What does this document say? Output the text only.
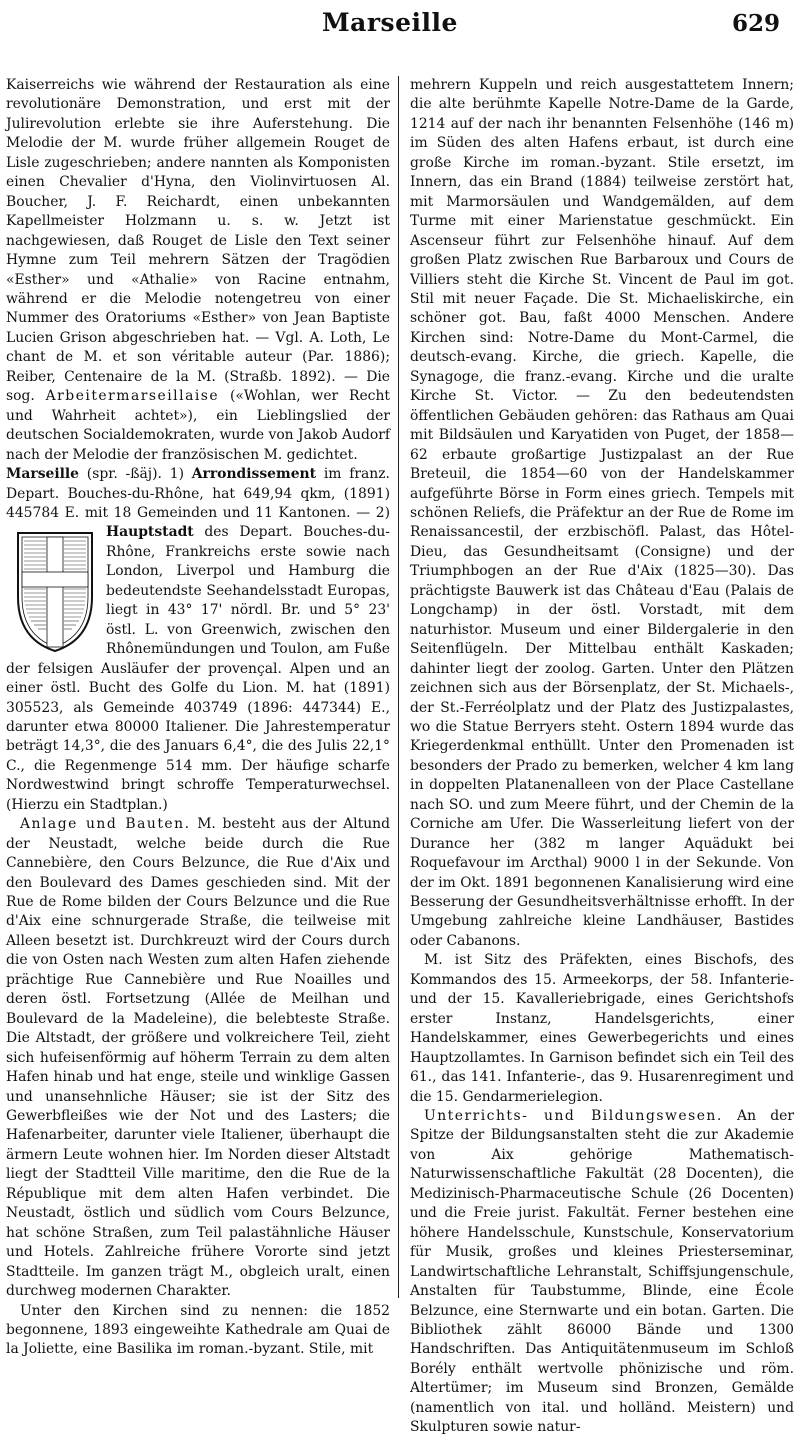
Marseille	629

Kaiserreichs wie während der Restauration als eine revolutionäre Demonstration, und erst mit der Julirevolution erlebte sie ihre Auferstehung. Die Melodie der M. wurde früher allgemein Rouget de Lisle zugeschrieben; andere nannten als Komponisten einen Chevalier d'Hyna, den Violinvirtuosen Al. Boucher, J. F. Reichardt, einen unbekannten Kapellmeister Holzmann u. s. w. Jetzt ist nachgewiesen, daß Rouget de Lisle den Text seiner Hymne zum Teil mehrern Sätzen der Tragödien «Esther» und «Athalie» von Racine entnahm, während er die Melodie notengetreu von einer Nummer des Oratoriums «Esther» von Jean Baptiste Lucien Grison abgeschrieben hat. — Vgl. A. Loth, Le chant de M. et son véritable auteur (Par. 1886); Reiber, Centenaire de la M. (Straßb. 1892). — Die sog. Arbeitermarseillaise («Wohlan, wer Recht und Wahrheit achtet»), ein Lieblingslied der deutschen Socialdemokraten, wurde von Jakob Audorf nach der Melodie der französischen M. gedichtet.

Marseille (spr. -ßäj). 1) Arrondissement im franz. Depart. Bouches-du-Rhône, hat 649,94 qkm, (1891) 445784 E. mit 18 Gemeinden und 11 Kantonen. — 2)
Hauptstadt des Depart. Bouches-du-Rhône, Frankreichs erste sowie nach London, Liverpol und Hamburg die bedeutendste Seehandelsstadt Europas, liegt in 43° 17' nördl. Br. und 5° 23' östl. L. von Greenwich, zwischen den Rhônemündungen und Toulon, am Fuße der felsigen Ausläufer der provençal. Alpen und an einer östl. Bucht des Golfe du Lion. M. hat (1891) 305523, als Gemeinde 403749 (1896: 447344) E., darunter etwa 80000 Italiener. Die Jahrestemperatur beträgt 14,3°, die des Januars 6,4°, die des Julis 22,1° C., die Regenmenge 514 mm. Der häufige scharfe Nordwestwind bringt schroffe Temperaturwechsel. (Hierzu ein Stadtplan.)

Anlage und Bauten. M. besteht aus der Altund der Neustadt, welche beide durch die Rue Cannebière, den Cours Belzunce, die Rue d'Aix und den Boulevard des Dames geschieden sind. Mit der Rue de Rome bilden der Cours Belzunce und die Rue d'Aix eine schnurgerade Straße, die teilweise mit Alleen besetzt ist. Durchkreuzt wird der Cours durch die von Osten nach Westen zum alten Hafen ziehende prächtige Rue Cannebière und Rue Noailles und deren östl. Fortsetzung (Allée de Meilhan und Boulevard de la Madeleine), die belebteste Straße. Die Altstadt, der größere und volkreichere Teil, zieht sich hufeisenförmig auf höherm Terrain zu dem alten Hafen hinab und hat enge, steile und winklige Gassen und unansehnliche Häuser; sie ist der Sitz des Gewerbfleißes wie der Not und des Lasters; die Hafenarbeiter, darunter viele Italiener, überhaupt die ärmern Leute wohnen hier. Im Norden dieser Altstadt liegt der Stadtteil Ville maritime, den die Rue de la République mit dem alten Hafen verbindet. Die Neustadt, östlich und südlich vom Cours Belzunce, hat schöne Straßen, zum Teil palastähnliche Häuser und Hotels. Zahlreiche frühere Vororte sind jetzt Stadtteile. Im ganzen trägt M., obgleich uralt, einen durchweg modernen Charakter.

Unter den Kirchen sind zu nennen: die 1852 begonnene, 1893 eingeweihte Kathedrale am Quai de la Joliette, eine Basilika im roman.-byzant. Stile, mit

mehrern Kuppeln und reich ausgestattetem Innern; die alte berühmte Kapelle Notre-Dame de la Garde, 1214 auf der nach ihr benannten Felsenhöhe (146 m) im Süden des alten Hafens erbaut, ist durch eine große Kirche im roman.-byzant. Stile ersetzt, im Innern, das ein Brand (1884) teilweise zerstört hat, mit Marmorsäulen und Wandgemälden, auf dem Turme mit einer Marienstatue geschmückt. Ein Ascenseur führt zur Felsenhöhe hinauf. Auf dem großen Platz zwischen Rue Barbaroux und Cours de Villiers steht die Kirche St. Vincent de Paul im got. Stil mit neuer Façade. Die St. Michaeliskirche, ein schöner got. Bau, faßt 4000 Menschen. Andere Kirchen sind: Notre-Dame du Mont-Carmel, die deutsch-evang. Kirche, die griech. Kapelle, die Synagoge, die franz.-evang. Kirche und die uralte Kirche St. Victor. — Zu den bedeutendsten öffentlichen Gebäuden gehören: das Rathaus am Quai mit Bildsäulen und Karyatiden von Puget, der 1858—62 erbaute großartige Justizpalast an der Rue Breteuil, die 1854—60 von der Handelskammer aufgeführte Börse in Form eines griech. Tempels mit schönen Reliefs, die Präfektur an der Rue de Rome im Renaissancestil, der erzbischöfl. Palast, das Hôtel-Dieu, das Gesundheitsamt (Consigne) und der Triumphbogen an der Rue d'Aix (1825—30). Das prächtigste Bauwerk ist das Château d'Eau (Palais de Longchamp) in der östl. Vorstadt, mit dem naturhistor. Museum und einer Bildergalerie in den Seitenflügeln. Der Mittelbau enthält Kaskaden; dahinter liegt der zoolog. Garten. Unter den Plätzen zeichnen sich aus der Börsenplatz, der St. Michaels-, der St.-Ferréolplatz und der Platz des Justizpalastes, wo die Statue Berryers steht. Ostern 1894 wurde das Kriegerdenkmal enthüllt. Unter den Promenaden ist besonders der Prado zu bemerken, welcher 4 km lang in doppelten Platanenalleen von der Place Castellane nach SO. und zum Meere führt, und der Chemin de la Corniche am Ufer. Die Wasserleitung liefert von der Durance her (382 m langer Aquädukt bei Roquefavour im Arcthal) 9000 l in der Sekunde. Von der im Okt. 1891 begonnenen Kanalisierung wird eine Besserung der Gesundheitsverhältnisse erhofft. In der Umgebung zahlreiche kleine Landhäuser, Bastides oder Cabanons.

M. ist Sitz des Präfekten, eines Bischofs, des Kommandos des 15. Armeekorps, der 58. Infanterie- und der 15. Kavalleriebrigade, eines Gerichtshofs erster Instanz, Handelsgerichts, einer Handelskammer, eines Gewerbegerichts und eines Hauptzollamtes. In Garnison befindet sich ein Teil des 61., das 141. Infanterie-, das 9. Husarenregiment und die 15. Gendarmerielegion.

Unterrichts- und Bildungswesen. An der Spitze der Bildungsanstalten steht die zur Akademie von Aix gehörige Mathematisch-Naturwissenschaftliche Fakultät (28 Docenten), die Medizinisch-Pharmaceutische Schule (26 Docenten) und die Freie jurist. Fakultät. Ferner bestehen eine höhere Handelsschule, Kunstschule, Konservatorium für Musik, großes und kleines Priesterseminar, Landwirtschaftliche Lehranstalt, Schiffsjungenschule, Anstalten für Taubstumme, Blinde, eine École Belzunce, eine Sternwarte und ein botan. Garten. Die Bibliothek zählt 86000 Bände und 1300 Handschriften. Das Antiquitätenmuseum im Schloß Borély enthält wertvolle phönizische und röm. Altertümer; im Museum sind Bronzen, Gemälde (namentlich von ital. und holländ. Meistern) und Skulpturen sowie natur-
